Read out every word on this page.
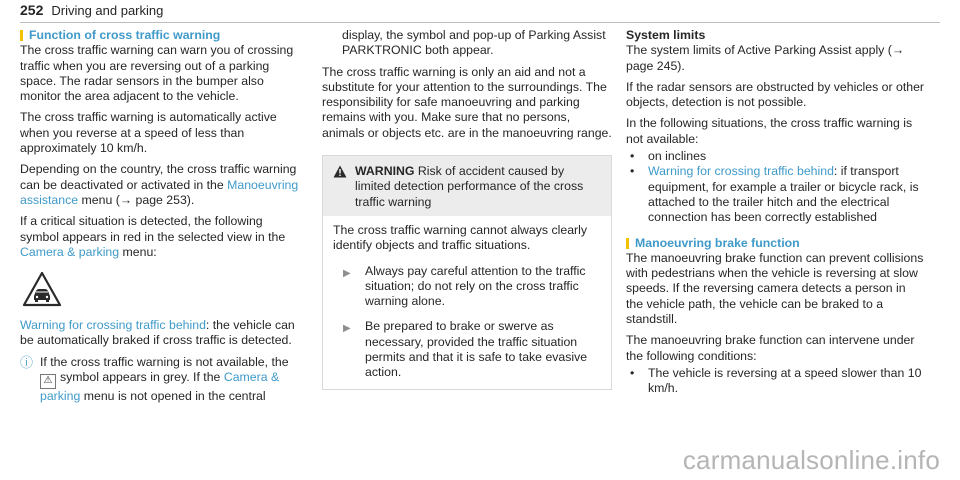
252 Driving and parking
Function of cross traffic warning

The cross traffic warning can warn you of crossing traffic when you are reversing out of a parking space. The radar sensors in the bumper also monitor the area adjacent to the vehicle.

The cross traffic warning is automatically active when you reverse at a speed of less than approximately 10 km/h.

Depending on the country, the cross traffic warning can be deactivated or activated in the Manoeuvring assistance menu (→ page 253).

If a critical situation is detected, the following symbol appears in red in the selected view in the Camera & parking menu:

Warning for crossing traffic behind: the vehicle can be automatically braked if cross traffic is detected.

ⓘ If the cross traffic warning is not available, the
⚠ symbol appears in grey. If the Camera & parking menu is not opened in the central

display, the symbol and pop-up of Parking Assist PARKTRONIC both appear.

The cross traffic warning is only an aid and not a substitute for your attention to the surroundings. The responsibility for safe manoeuvring and parking remains with you. Make sure that no persons, animals or objects etc. are in the manoeuvring range.

WARNING Risk of accident caused by limited detection performance of the cross traffic warning
The cross traffic warning cannot always clearly identify objects and traffic situations.
▶ Always pay careful attention to the traffic situation; do not rely on the cross traffic warning alone.
▶ Be prepared to brake or swerve as necessary, provided the traffic situation permits and that it is safe to take evasive action.
System limits

The system limits of Active Parking Assist apply (→ page 245).

If the radar sensors are obstructed by vehicles or other objects, detection is not possible.

In the following situations, the cross traffic warning is not available:

• on inclines
• Warning for crossing traffic behind: if transport equipment, for example a trailer or bicycle rack, is attached to the trailer hitch and the electrical connection has been correctly established
Manoeuvring brake function

The manoeuvring brake function can prevent collisions with pedestrians when the vehicle is reversing at slow speeds. If the reversing camera detects a person in the vehicle path, the vehicle can be braked to a standstill.

The manoeuvring brake function can intervene under the following conditions:

• The vehicle is reversing at a speed slower than 10 km/h.
carmanualsonline.info
